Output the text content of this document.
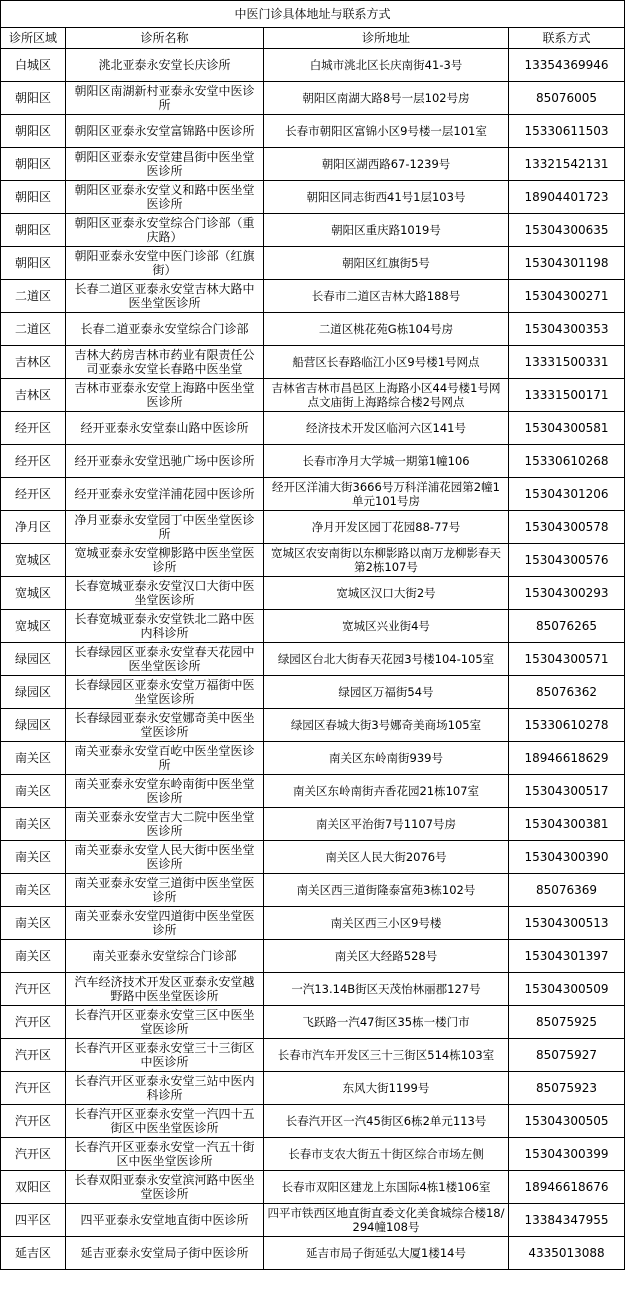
中医门诊具体地址与联系方式			
诊所区域	诊所名称	诊所地址	联系方式
白城区	洮北亚泰永安堂长庆诊所	白城市洮北区长庆南街41-3号	13354369946
朝阳区	朝阳区南湖新村亚泰永安堂中医诊所	朝阳区南湖大路8号一层102号房	85076005
朝阳区	朝阳区亚泰永安堂富锦路中医诊所	长春市朝阳区富锦小区9号楼一层101室	15330611503
朝阳区	朝阳区亚泰永安堂建昌街中医坐堂医诊所	朝阳区湖西路67-1239号	13321542131
朝阳区	朝阳区亚泰永安堂义和路中医坐堂医诊所	朝阳区同志街西41号1层103号	18904401723
朝阳区	朝阳区亚泰永安堂综合门诊部（重庆路）	朝阳区重庆路1019号	15304300635
朝阳区	朝阳亚泰永安堂中医门诊部（红旗街）	朝阳区红旗街5号	15304301198
二道区	长春二道区亚泰永安堂吉林大路中医坐堂医诊所	长春市二道区吉林大路188号	15304300271
二道区	长春二道亚泰永安堂综合门诊部	二道区桃花苑G栋104号房	15304300353
吉林区	吉林大药房吉林市药业有限责任公司亚泰永安堂长春路中医坐堂	船营区长春路临江小区9号楼1号网点	13331500331
吉林区	吉林市亚泰永安堂上海路中医坐堂医诊所	吉林省吉林市昌邑区上海路小区44号楼1号网点文庙街上海路综合楼2号网点	13331500171
经开区	经开亚泰永安堂泰山路中医诊所	经济技术开发区临河六区141号	15304300581
经开区	经开亚泰永安堂迅驰广场中医诊所	长春市净月大学城一期第1幢106	15330610268
经开区	经开亚泰永安堂洋浦花园中医诊所	经开区洋浦大街3666号万科洋浦花园第2幢1单元101号房	15304301206
净月区	净月亚泰永安堂园丁中医坐堂医诊所	净月开发区园丁花园88-77号	15304300578
宽城区	宽城亚泰永安堂柳影路中医坐堂医诊所	宽城区农安南街以东柳影路以南万龙柳影春天第2栋107号	15304300576
宽城区	长春宽城亚泰永安堂汉口大街中医坐堂医诊所	宽城区汉口大街2号	15304300293
宽城区	长春宽城亚泰永安堂铁北二路中医内科诊所	宽城区兴业街4号	85076265
绿园区	长春绿园区亚泰永安堂春天花园中医坐堂医诊所	绿园区台北大街春天花园3号楼104-105室	15304300571
绿园区	长春绿园区亚泰永安堂万福街中医坐堂医诊所	绿园区万福街54号	85076362
绿园区	长春绿园亚泰永安堂娜奇美中医坐堂医诊所	绿园区春城大街3号娜奇美商场105室	15330610278
南关区	南关亚泰永安堂百屹中医坐堂医诊所	南关区东岭南街939号	18946618629
南关区	南关亚泰永安堂东岭南街中医坐堂医诊所	南关区东岭南街卉香花园21栋107室	15304300517
南关区	南关亚泰永安堂吉大二院中医坐堂医诊所	南关区平治街7号1107号房	15304300381
南关区	南关亚泰永安堂人民大街中医坐堂医诊所	南关区人民大街2076号	15304300390
南关区	南关亚泰永安堂三道街中医坐堂医诊所	南关区西三道街隆泰富苑3栋102号	85076369
南关区	南关亚泰永安堂四道街中医坐堂医诊所	南关区西三小区9号楼	15304300513
南关区	南关亚泰永安堂综合门诊部	南关区大经路528号	15304301397
汽开区	汽车经济技术开发区亚泰永安堂越野路中医坐堂医诊所	一汽13.14B街区天茂怡林丽郡127号	15304300509
汽开区	长春汽开区亚泰永安堂三区中医坐堂医诊所	飞跃路一汽47街区35栋一楼门市	85075925
汽开区	长春汽开区亚泰永安堂三十三街区中医诊所	长春市汽车开发区三十三街区514栋103室	85075927
汽开区	长春汽开区亚泰永安堂三站中医内科诊所	东风大街1199号	85075923
汽开区	长春汽开区亚泰永安堂一汽四十五街区中医坐堂医诊所	长春汽开区一汽45街区6栋2单元113号	15304300505
汽开区	长春汽开区亚泰永安堂一汽五十街区中医坐堂医诊所	长春市支农大街五十街区综合市场左侧	15304300399
双阳区	长春双阳亚泰永安堂滨河路中医坐堂医诊所	长春市双阳区建龙上东国际4栋1楼106室	18946618676
四平区	四平亚泰永安堂地直街中医诊所	四平市铁西区地直街直委文化美食城综合楼18/294幢108号	13384347955
延吉区	延吉亚泰永安堂局子街中医诊所	延吉市局子街延弘大厦1楼14号	4335013088
